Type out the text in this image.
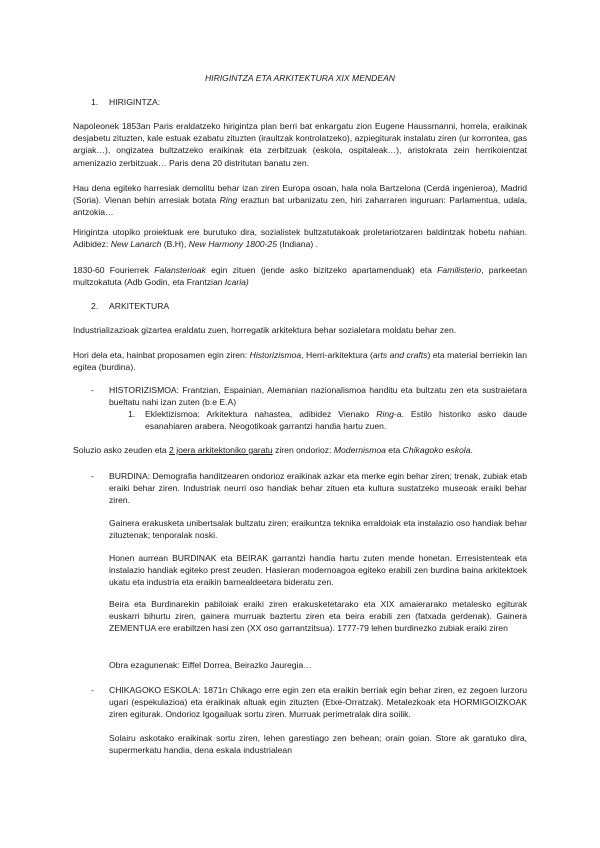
HIRIGINTZA ETA ARKITEKTURA XIX MENDEAN
1. HIRIGINTZA:

Napoleonek 1853an Paris eraldatzeko hirigintza plan berri bat enkargatu zion Eugene Haussmanni, horrela, eraikinak desjabetu zituzten, kale estuak ezabatu zituzten (iraultzak kontrolatzeko), azpiegiturak instalatu ziren (ur korrontea, gas argiak…), ongizatea bultzatzeko eraikinak eta zerbitzuak (eskola, ospitaleak…), aristokrata zein herrikoientzat amenizazio zerbitzuak… Paris dena 20 distritutan banatu zen.

Hau dena egiteko harresiak demolitu behar izan ziren Europa osoan, hala nola Bartzelona (Cerdá ingenieroa), Madrid (Soria). Vienan behin arresiak botata Ring eraztun bat urbanizatu zen, hiri zaharraren inguruan: Parlamentua, udala, antzokia…

Hirigintza utopiko proiektuak ere burutuko dira, sozialistek bultzatutakoak proletariotzaren baldintzak hobetu nahian. Adibidez: New Lanarch (B.H), New Harmony 1800-25 (Indiana) .

1830-60 Fourierrek Falansterioak egin zituen (jende asko bizitzeko apartamenduak) eta Familisterio, parkeetan multzokatuta (Adb Godin, eta Frantzian Icaria)

2. ARKITEKTURA

Industrializazioak gizartea eraldatu zuen, horregatik arkitektura behar sozialetara moldatu behar zen.

Hori dela eta, hainbat proposamen egin ziren: Historizismoa, Herri-arkitektura (arts and crafts) eta material berriekin lan egitea (burdina).

- HISTORIZISMOA: Frantzian, Espainian, Alemanian nazionalismoa handitu eta bultzatu zen eta sustraietara bueltatu nahi izan zuten (b.e E.A)
1. Eklektizismoa: Arkitektura nahastea, adibidez Vienako Ring-a. Estilo historiko asko daude esanahiaren arabera. Neogotikoak garrantzi handia hartu zuen.

Soluzio asko zeuden eta 2 joera arkitektoniko garatu ziren ondorioz: Modernismoa eta Chikagoko eskola.

- BURDINA: Demografia handitzearen ondorioz eraikinak azkar eta merke egin behar ziren; trenak, zubiak etab eraiki behar ziren. Industriak neurri oso handiak behar zituen eta kultura sustatzeko museoak eraiki behar ziren.

Gainera erakusketa unibertsalak bultzatu ziren; eraikuntza teknika erraldoiak eta instalazio oso handiak behar zituztenak; tenporalak noski.

Honen aurrean BURDINAK eta BEIRAK garrantzi handia hartu zuten mende honetan. Erresistenteak eta instalazio handiak egiteko prest zeuden. Hasieran modernoagoa egiteko erabili zen burdina baina arkitektoek ukatu eta industria eta eraikin barnealdeetara bideratu zen.

Beira eta Burdinarekin pabiloiak eraiki ziren erakusketetarako eta XIX amaierarako metalesko egiturak euskarri bihurtu ziren, gainera murruak baztertu ziren eta beira erabili zen (fatxada gerdenak). Gainera ZEMENTUA ere erabiltzen hasi zen (XX oso garrantzitsua). 1777-79 lehen burdinezko zubiak eraiki ziren

Obra ezagunenak: Eiffel Dorrea, Beirazko Jauregia…

- CHIKAGOKO ESKOLA: 1871n Chikago erre egin zen eta eraikin berriak egin behar ziren, ez zegoen lurzoru ugari (espekulazioa) eta eraikinak altuak egin zituzten (Etxe-Orratzak). Metalezkoak eta HORMIGOIZKOAK ziren egiturak. Ondorioz Igogailuak sortu ziren. Murruak perimetralak dira soilik.

Solairu askotako eraikinak sortu ziren, lehen garestiago zen behean; orain goian. Store ak garatuko dira, supermerkatu handia, dena eskala industrialean
